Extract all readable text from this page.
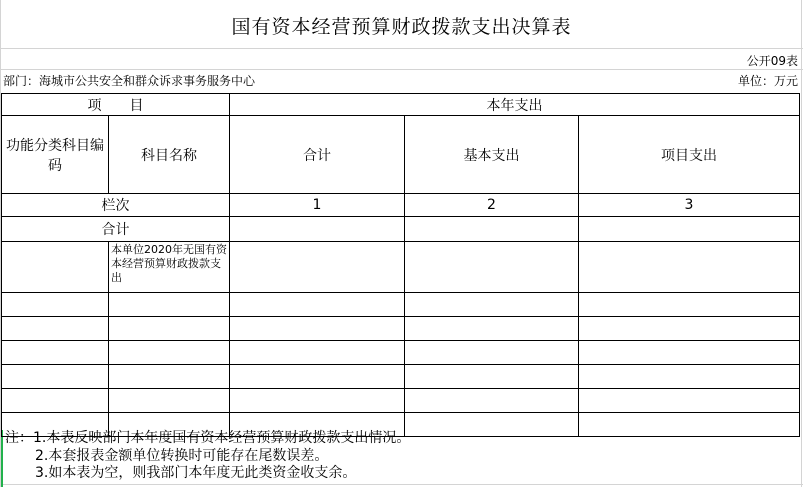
国有资本经营预算财政拨款支出决算表
公开09表
部门：海城市公共安全和群众诉求事务服务中心	单位：万元
项　　目		本年支出		
功能分类科目编码	科目名称	合计	基本支出	项目支出
栏次		1	2	3
合计				
	本单位2020年无国有资本经营预算财政拨款支出			

注：1.本表反映部门本年度国有资本经营预算财政拨款支出情况。
2.本套报表金额单位转换时可能存在尾数误差。
3.如本表为空，则我部门本年度无此类资金收支余。
